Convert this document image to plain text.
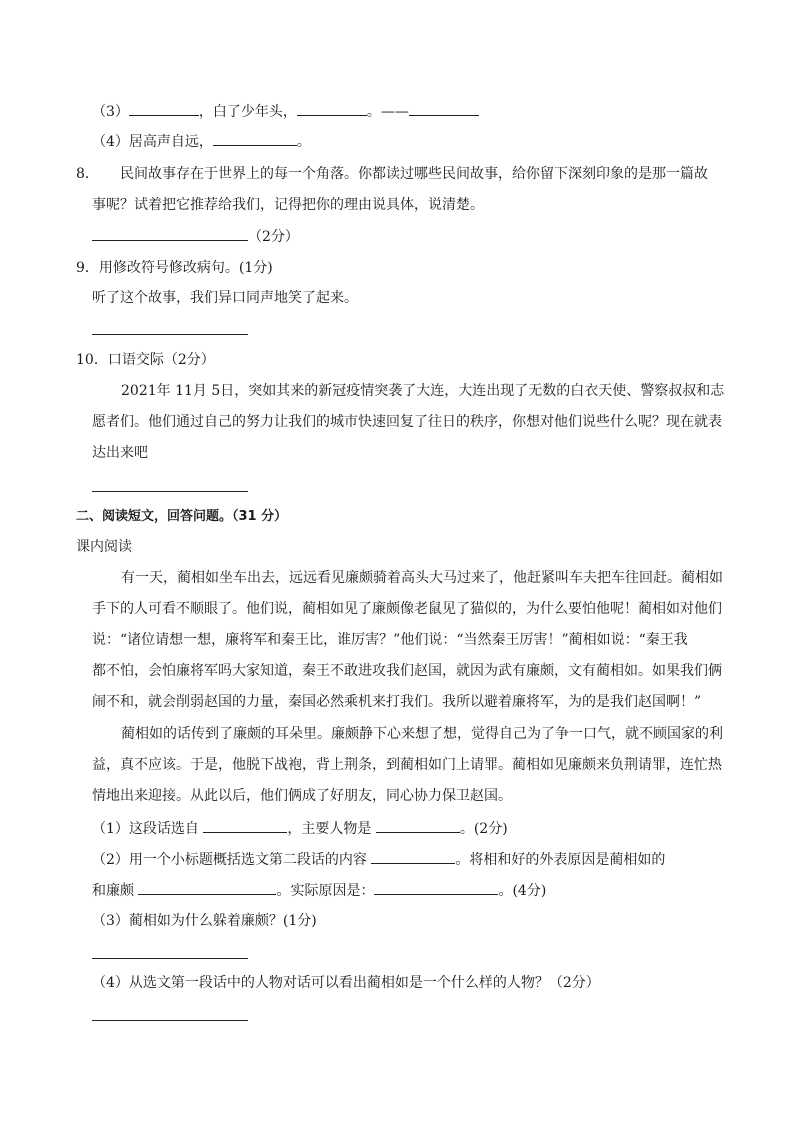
（3）	，白了少年头，	。——
（4）居高声自远，	。
8． 民间故事存在于世界上的每一个角落。你都读过哪些民间故事，给你留下深刻印象的是那一篇故
事呢？试着把它推荐给我们，记得把你的理由说具体，说清楚。
（2分）
9．用修改符号修改病句。(1分)
听了这个故事，我们异口同声地笑了起来。
10．口语交际（2分）
2021年 11月 5日，突如其来的新冠疫情突袭了大连，大连出现了无数的白衣天使、警察叔叔和志
愿者们。他们通过自己的努力让我们的城市快速回复了往日的秩序，你想对他们说些什么呢？现在就表
达出来吧
二、阅读短文，回答问题。（31 分）
课内阅读
有一天，蔺相如坐车出去，远远看见廉颇骑着高头大马过来了，他赶紧叫车夫把车往回赶。蔺相如
手下的人可看不顺眼了。他们说，蔺相如见了廉颇像老鼠见了猫似的，为什么要怕他呢！蔺相如对他们
说：“诸位请想一想，廉将军和秦王比，谁厉害？”他们说：“当然秦王厉害！”蔺相如说：“秦王我
都不怕，会怕廉将军吗大家知道，秦王不敢进攻我们赵国，就因为武有廉颇，文有蔺相如。如果我们俩
闹不和，就会削弱赵国的力量，秦国必然乘机来打我们。我所以避着廉将军，为的是我们赵国啊！”
蔺相如的话传到了廉颇的耳朵里。廉颇静下心来想了想，觉得自己为了争一口气，就不顾国家的利
益，真不应该。于是，他脱下战袍，背上荆条，到蔺相如门上请罪。蔺相如见廉颇来负荆请罪，连忙热
情地出来迎接。从此以后，他们俩成了好朋友，同心协力保卫赵国。
（1）这段话选自	，主要人物是	。(2分)
（2）用一个小标题概括选文第二段话的内容	。将相和好的外表原因是蔺相如的
和廉颇	。实际原因是：	。(4分)
（3）蔺相如为什么躲着廉颇？(1分)
（4）从选文第一段话中的人物对话可以看出蔺相如是一个什么样的人物？（2分）
